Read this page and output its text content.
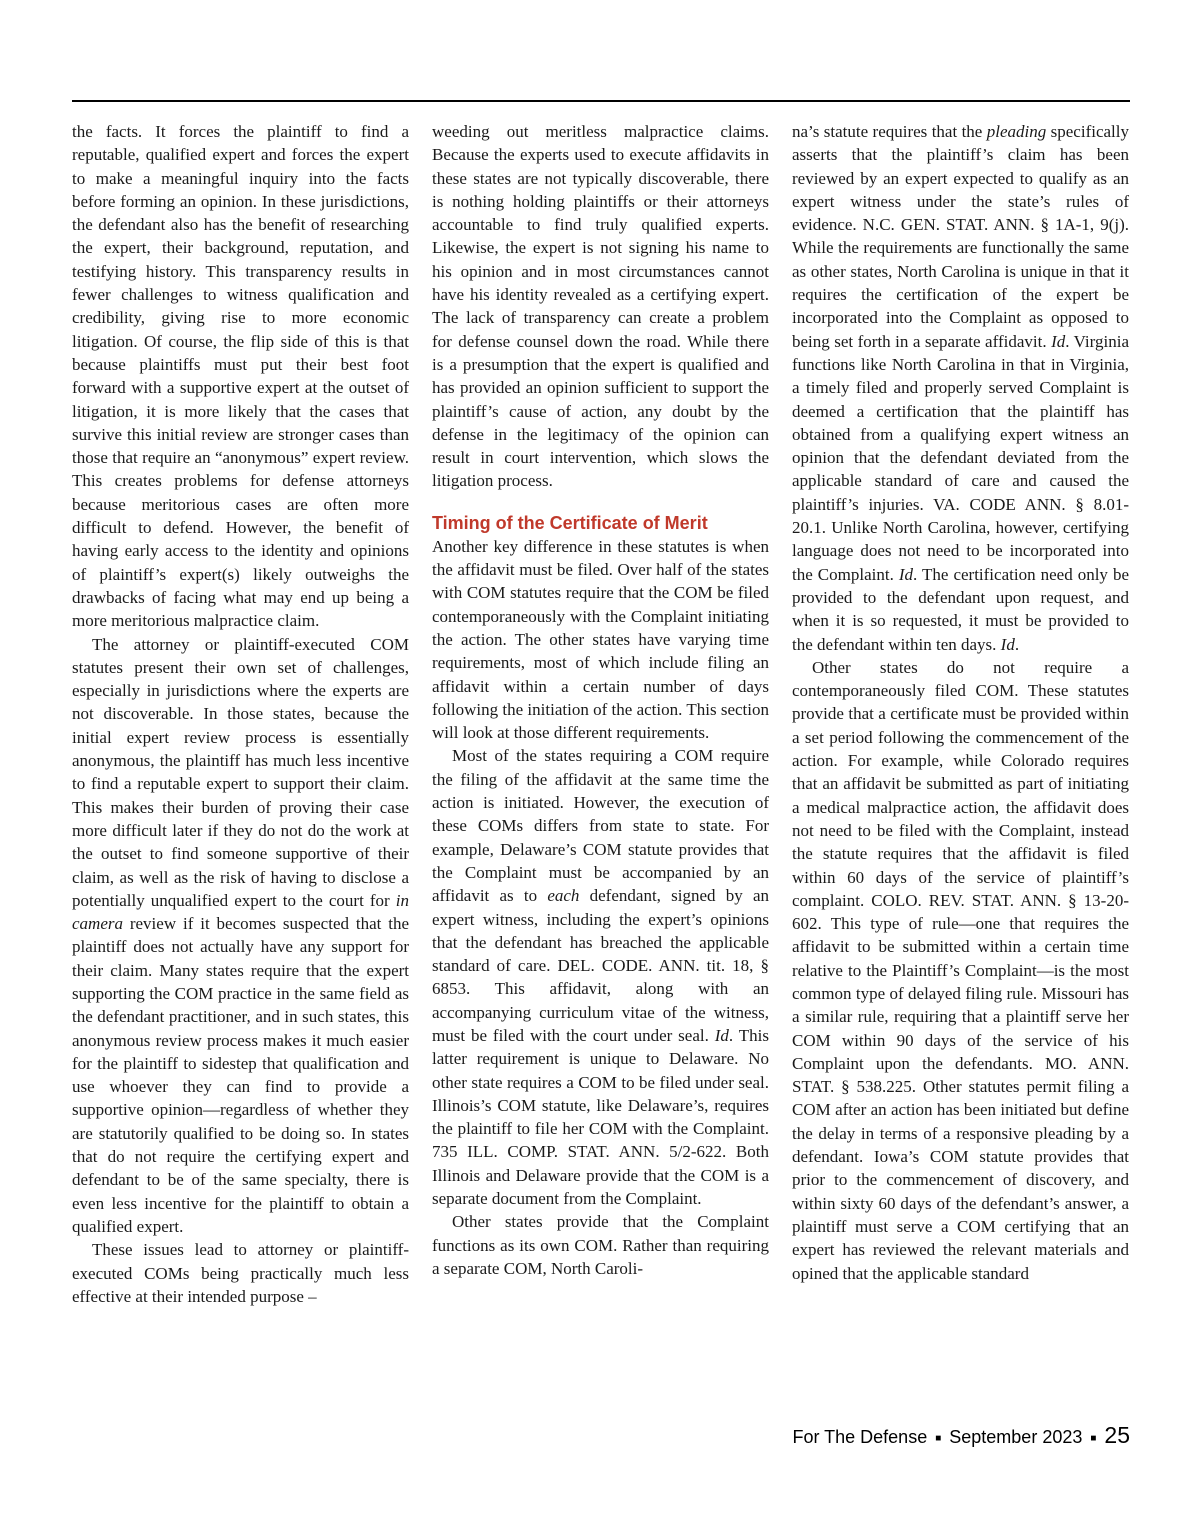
the facts. It forces the plaintiff to find a reputable, qualified expert and forces the expert to make a meaningful inquiry into the facts before forming an opinion. In these jurisdictions, the defendant also has the benefit of researching the expert, their background, reputation, and testifying history. This transparency results in fewer challenges to witness qualification and credibility, giving rise to more economic litigation. Of course, the flip side of this is that because plaintiffs must put their best foot forward with a supportive expert at the outset of litigation, it is more likely that the cases that survive this initial review are stronger cases than those that require an “anonymous” expert review. This creates problems for defense attorneys because meritorious cases are often more difficult to defend. However, the benefit of having early access to the identity and opinions of plaintiff’s expert(s) likely outweighs the drawbacks of facing what may end up being a more meritorious malpractice claim.

The attorney or plaintiff-executed COM statutes present their own set of challenges, especially in jurisdictions where the experts are not discoverable. In those states, because the initial expert review process is essentially anonymous, the plaintiff has much less incentive to find a reputable expert to support their claim. This makes their burden of proving their case more difficult later if they do not do the work at the outset to find someone supportive of their claim, as well as the risk of having to disclose a potentially unqualified expert to the court for in camera review if it becomes suspected that the plaintiff does not actually have any support for their claim. Many states require that the expert supporting the COM practice in the same field as the defendant practitioner, and in such states, this anonymous review process makes it much easier for the plaintiff to sidestep that qualification and use whoever they can find to provide a supportive opinion—regardless of whether they are statutorily qualified to be doing so. In states that do not require the certifying expert and defendant to be of the same specialty, there is even less incentive for the plaintiff to obtain a qualified expert.

These issues lead to attorney or plaintiff-executed COMs being practically much less effective at their intended purpose –

weeding out meritless malpractice claims. Because the experts used to execute affidavits in these states are not typically discoverable, there is nothing holding plaintiffs or their attorneys accountable to find truly qualified experts. Likewise, the expert is not signing his name to his opinion and in most circumstances cannot have his identity revealed as a certifying expert. The lack of transparency can create a problem for defense counsel down the road. While there is a presumption that the expert is qualified and has provided an opinion sufficient to support the plaintiff’s cause of action, any doubt by the defense in the legitimacy of the opinion can result in court intervention, which slows the litigation process.

Timing of the Certificate of Merit

Another key difference in these statutes is when the affidavit must be filed. Over half of the states with COM statutes require that the COM be filed contemporaneously with the Complaint initiating the action. The other states have varying time requirements, most of which include filing an affidavit within a certain number of days following the initiation of the action. This section will look at those different requirements.

Most of the states requiring a COM require the filing of the affidavit at the same time the action is initiated. However, the execution of these COMs differs from state to state. For example, Delaware’s COM statute provides that the Complaint must be accompanied by an affidavit as to each defendant, signed by an expert witness, including the expert’s opinions that the defendant has breached the applicable standard of care. DEL. CODE. ANN. tit. 18, § 6853. This affidavit, along with an accompanying curriculum vitae of the witness, must be filed with the court under seal. Id. This latter requirement is unique to Delaware. No other state requires a COM to be filed under seal. Illinois’s COM statute, like Delaware’s, requires the plaintiff to file her COM with the Complaint. 735 ILL. COMP. STAT. ANN. 5/2-622. Both Illinois and Delaware provide that the COM is a separate document from the Complaint.

Other states provide that the Complaint functions as its own COM. Rather than requiring a separate COM, North Caroli-

na’s statute requires that the pleading specifically asserts that the plaintiff’s claim has been reviewed by an expert expected to qualify as an expert witness under the state’s rules of evidence. N.C. GEN. STAT. ANN. § 1A-1, 9(j). While the requirements are functionally the same as other states, North Carolina is unique in that it requires the certification of the expert be incorporated into the Complaint as opposed to being set forth in a separate affidavit. Id. Virginia functions like North Carolina in that in Virginia, a timely filed and properly served Complaint is deemed a certification that the plaintiff has obtained from a qualifying expert witness an opinion that the defendant deviated from the applicable standard of care and caused the plaintiff’s injuries. VA. CODE ANN. § 8.01-20.1. Unlike North Carolina, however, certifying language does not need to be incorporated into the Complaint. Id. The certification need only be provided to the defendant upon request, and when it is so requested, it must be provided to the defendant within ten days. Id.

Other states do not require a contemporaneously filed COM. These statutes provide that a certificate must be provided within a set period following the commencement of the action. For example, while Colorado requires that an affidavit be submitted as part of initiating a medical malpractice action, the affidavit does not need to be filed with the Complaint, instead the statute requires that the affidavit is filed within 60 days of the service of plaintiff’s complaint. COLO. REV. STAT. ANN. § 13-20-602. This type of rule—one that requires the affidavit to be submitted within a certain time relative to the Plaintiff’s Complaint—is the most common type of delayed filing rule. Missouri has a similar rule, requiring that a plaintiff serve her COM within 90 days of the service of his Complaint upon the defendants. MO. ANN. STAT. § 538.225. Other statutes permit filing a COM after an action has been initiated but define the delay in terms of a responsive pleading by a defendant. Iowa’s COM statute provides that prior to the commencement of discovery, and within sixty 60 days of the defendant’s answer, a plaintiff must serve a COM certifying that an expert has reviewed the relevant materials and opined that the applicable standard

For The Defense ■ September 2023 ■ 25
